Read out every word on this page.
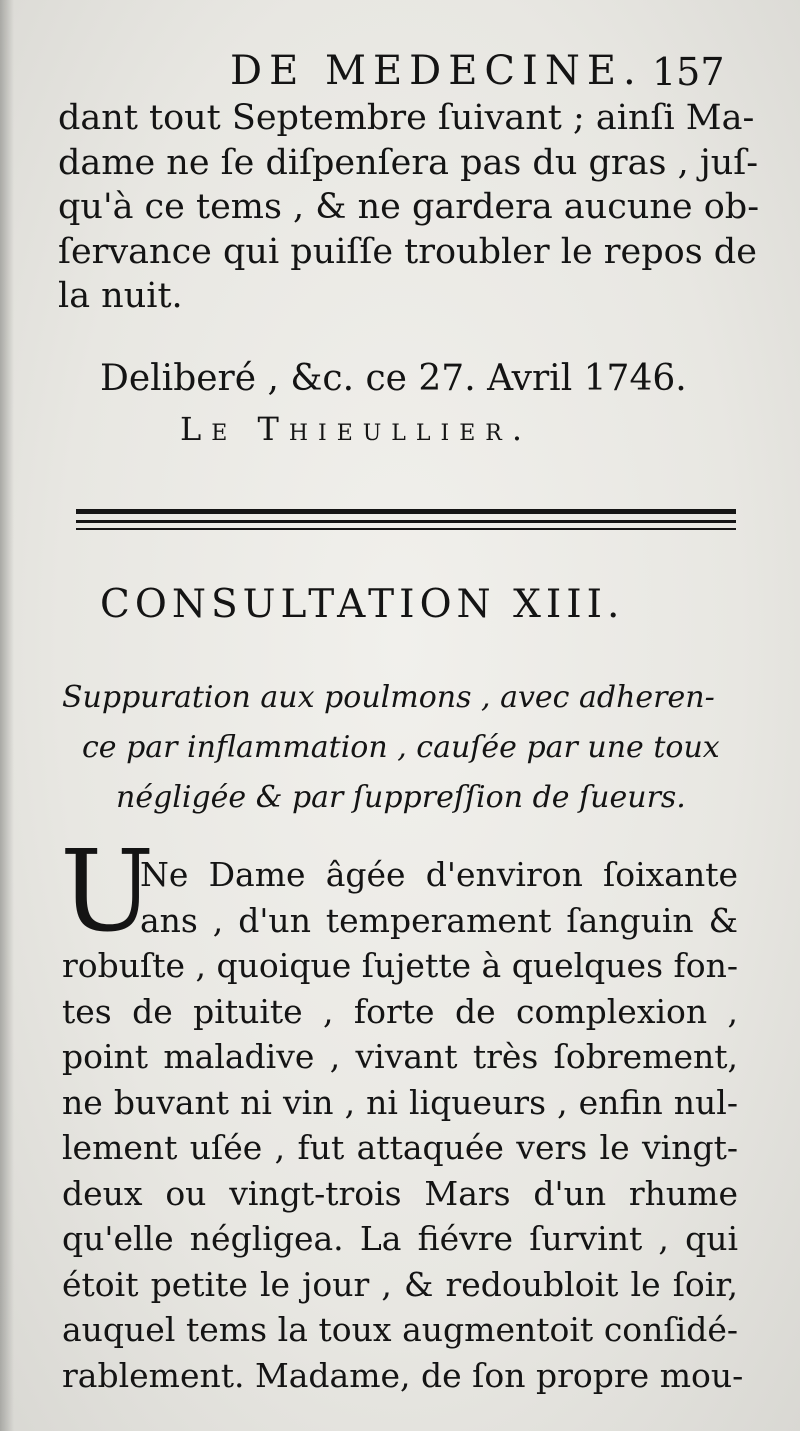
DE MEDECINE. 157
dant tout Septembre ſuivant ; ainſi Ma-
dame ne ſe diſpenſera pas du gras , juſ-
qu'à ce tems , & ne gardera aucune ob-
ſervance qui puiſſe troubler le repos de
la nuit.
Deliberé , &c. ce 27. Avril 1746.
Le Thieullier.
CONSULTATION XIII.
Suppuration aux poulmons , avec adheren-
ce par inflammation , cauſée par une toux
négligée & par ſuppreſſion de ſueurs.
U
Ne Dame âgée d'environ ſoixante
ans , d'un temperament ſanguin &
robuſte , quoique ſujette à quelques fon-
tes de pituite , forte de complexion ,
point maladive , vivant très ſobrement,
ne buvant ni vin , ni liqueurs , enfin nul-
lement uſée , fut attaquée vers le vingt-
deux ou vingt-trois Mars d'un rhume
qu'elle négligea. La fiévre ſurvint , qui
étoit petite le jour , & redoubloit le ſoir,
auquel tems la toux augmentoit conſidé-
rablement. Madame, de ſon propre mou-
